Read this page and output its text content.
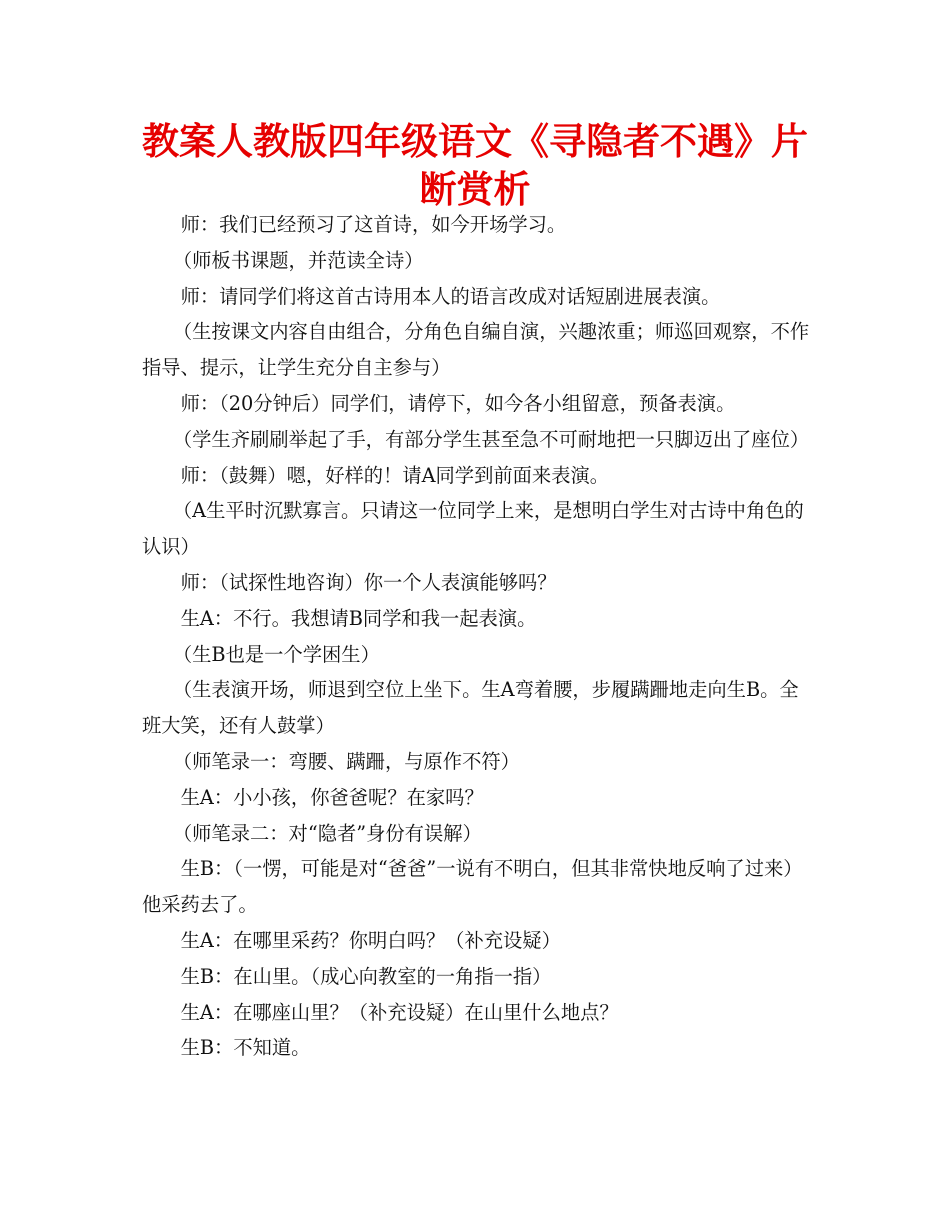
教案人教版四年级语文《寻隐者不遇》片断赏析

师：我们已经预习了这首诗，如今开场学习。

（师板书课题，并范读全诗）

师：请同学们将这首古诗用本人的语言改成对话短剧进展表演。

（生按课文内容自由组合，分角色自编自演，兴趣浓重；师巡回观察，不作指导、提示，让学生充分自主参与）

师：（20分钟后）同学们，请停下，如今各小组留意，预备表演。

（学生齐刷刷举起了手，有部分学生甚至急不可耐地把一只脚迈出了座位）

师：（鼓舞）嗯，好样的！请A同学到前面来表演。

（A生平时沉默寡言。只请这一位同学上来，是想明白学生对古诗中角色的认识）

师：（试探性地咨询）你一个人表演能够吗？

生A：不行。我想请B同学和我一起表演。

（生B也是一个学困生）

（生表演开场，师退到空位上坐下。生A弯着腰，步履蹒跚地走向生B。全班大笑，还有人鼓掌）

（师笔录一：弯腰、蹒跚，与原作不符）

生A：小小孩，你爸爸呢？在家吗？

（师笔录二：对“隐者”身份有误解）

生B：（一愣，可能是对“爸爸”一说有不明白，但其非常快地反响了过来）他采药去了。

生A：在哪里采药？你明白吗？（补充设疑）

生B：在山里。（成心向教室的一角指一指）

生A：在哪座山里？（补充设疑）在山里什么地点？

生B：不知道。
